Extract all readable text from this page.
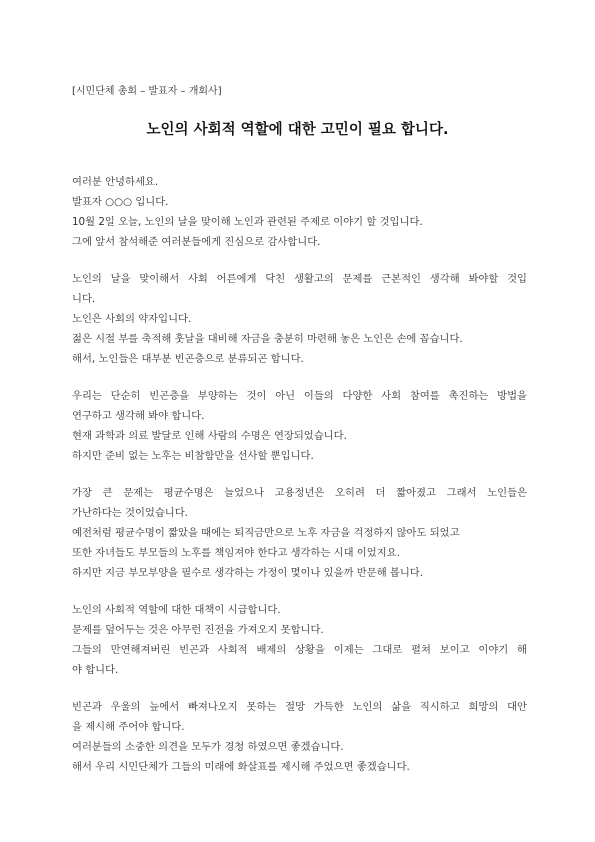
[시민단체 총회 – 발표자 – 개회사]
노인의 사회적 역할에 대한 고민이 필요 합니다.
여러분 안녕하세요.
발표자 ○○○ 입니다.
10월 2일 오늘, 노인의 날을 맞이해 노인과 관련된 주제로 이야기 할 것입니다.
그에 앞서 참석해준 여러분들에게 진심으로 감사합니다.
노인의 날을 맞이해서 사회 어른에게 닥친 생활고의 문제를 근본적인 생각해 봐야할 것입
니다.
노인은 사회의 약자입니다.
젊은 시절 부를 축적해 훗날을 대비해 자금을 충분히 마련해 놓은 노인은 손에 꼽습니다.
해서, 노인들은 대부분 빈곤층으로 분류되곤 합니다.
우리는 단순히 빈곤층을 부양하는 것이 아닌 이들의 다양한 사회 참여를 촉진하는 방법을
연구하고 생각해 봐야 합니다.
현재 과학과 의료 발달로 인해 사람의 수명은 연장되었습니다.
하지만 준비 없는 노후는 비참함만을 선사할 뿐입니다.
가장 큰 문제는 평균수명은 늘었으나 고용정년은 오히려 더 짧아졌고 그래서 노인들은
가난하다는 것이었습니다.
예전처럼 평균수명이 짧았을 때에는 퇴직금만으로 노후 자금을 걱정하지 않아도 되었고
또한 자녀들도 부모들의 노후를 책임져야 한다고 생각하는 시대 이었지요.
하지만 지금 부모부양을 필수로 생각하는 가정이 몇이나 있을까 반문해 봅니다.
노인의 사회적 역할에 대한 대책이 시급합니다.
문제를 덮어두는 것은 아무런 진전을 가져오지 못합니다.
그들의 만연해져버린 빈곤과 사회적 배제의 상황을 이제는 그대로 펼쳐 보이고 이야기 해
야 합니다.
빈곤과 우울의 늪에서 빠져나오지 못하는 절망 가득한 노인의 삶을 직시하고 희망의 대안
을 제시해 주어야 합니다.
여러분들의 소중한 의견을 모두가 경청 하였으면 좋겠습니다.
해서 우리 시민단체가 그들의 미래에 화살표를 제시해 주었으면 좋겠습니다.
